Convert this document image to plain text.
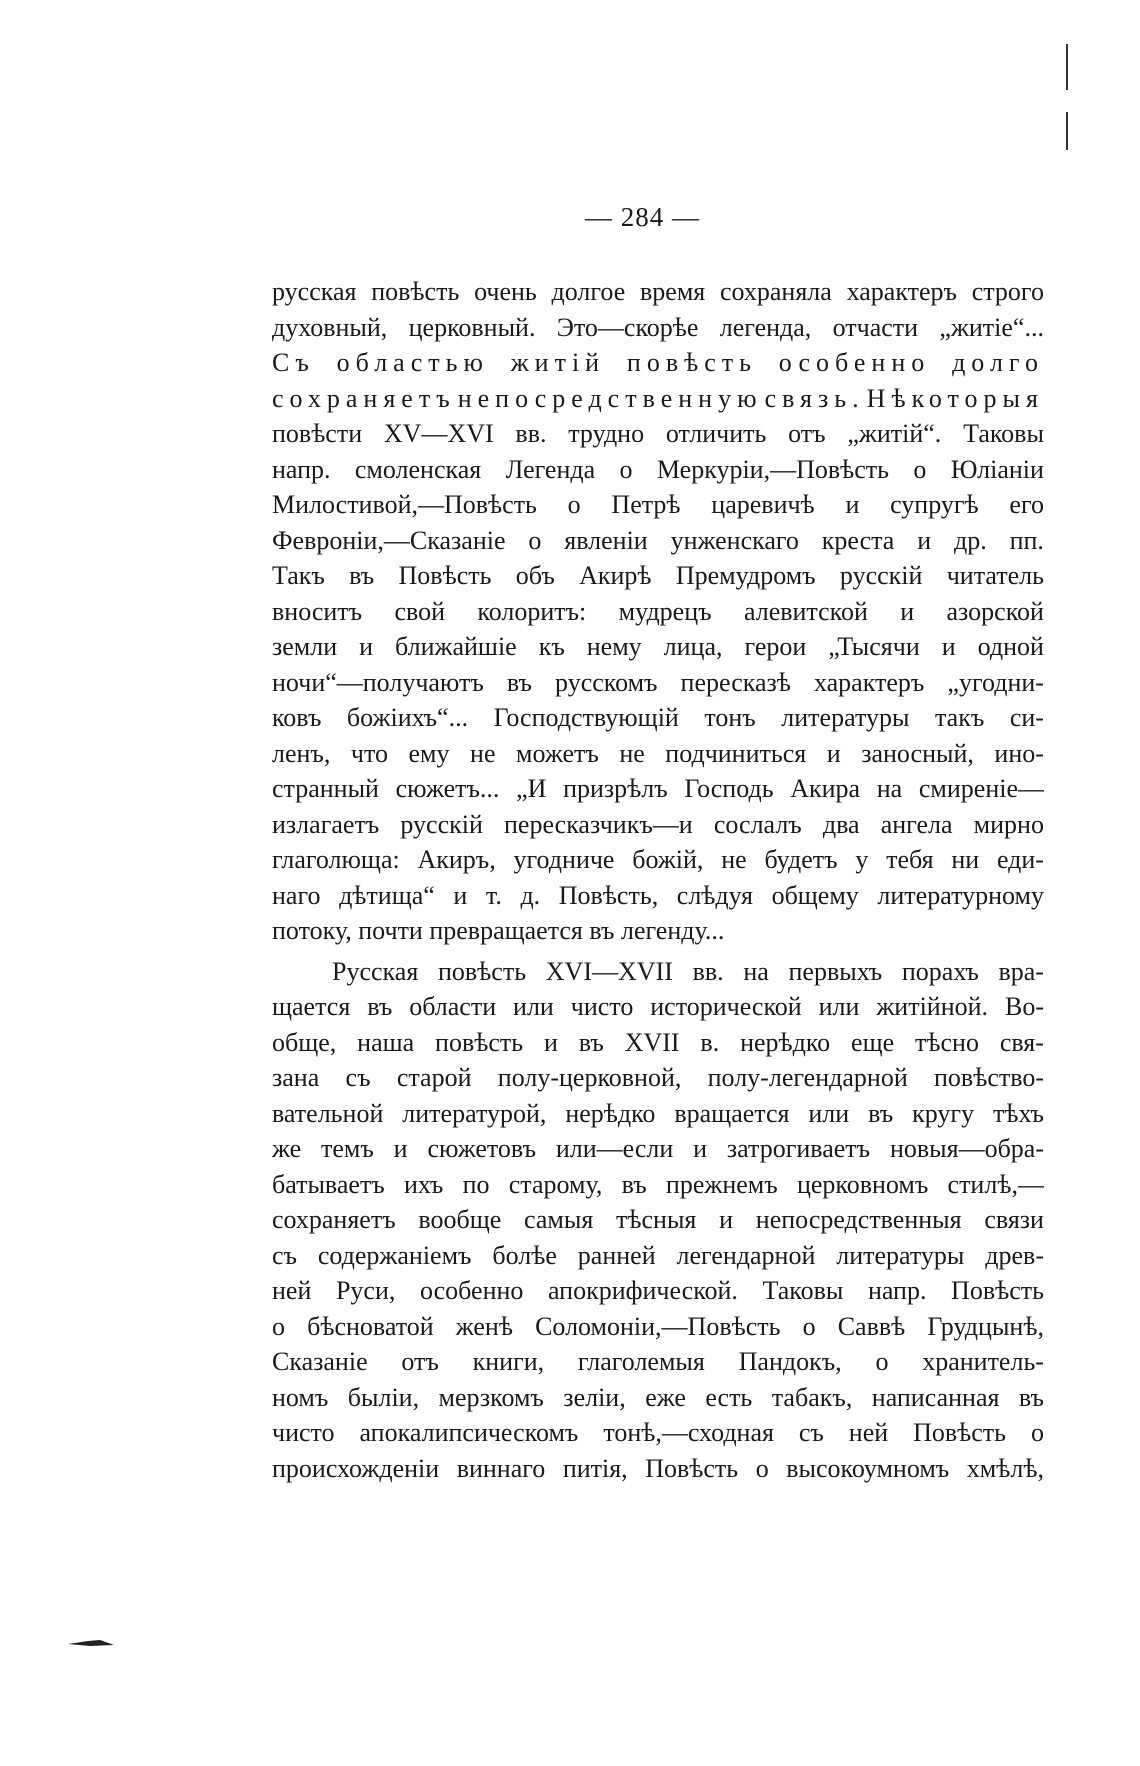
— 284 —
русская повѣсть очень долгое время сохраняла характеръ строго
духовный, церковный. Это—скорѣе легенда, отчасти „житіе“...
Съ областью житій повѣсть особенно долго
сохраняетъ непосредственную связь. Нѣкоторыя
повѣсти XV—XVI вв. трудно отличить отъ „житій“. Таковы
напр. смоленская Легенда о Меркуріи,—Повѣсть о Юліаніи
Милостивой,—Повѣсть о Петрѣ царевичѣ и супругѣ его
Февроніи,—Сказаніе о явленіи унженскаго креста и др. пп.
Такъ въ Повѣсть объ Акирѣ Премудромъ русскій читатель
вноситъ свой колоритъ: мудрецъ алевитской и азорской
земли и ближайшіе къ нему лица, герои „Тысячи и одной
ночи“—получаютъ въ русскомъ пересказѣ характеръ „угодни-
ковъ божіихъ“... Господствующій тонъ литературы такъ си-
ленъ, что ему не можетъ не подчиниться и заносный, ино-
странный сюжетъ... „И призрѣлъ Господь Акира на смиреніе—
излагаетъ русскій пересказчикъ—и сослалъ два ангела мирно
глаголюща: Акиръ, угодниче божій, не будетъ у тебя ни еди-
наго дѣтища“ и т. д. Повѣсть, слѣдуя общему литературному
потоку, почти превращается въ легенду...
Русская повѣсть XVI—XVII вв. на первыхъ порахъ вра-
щается въ области или чисто исторической или житійной. Во-
обще, наша повѣсть и въ XVII в. нерѣдко еще тѣсно свя-
зана съ старой полу-церковной, полу-легендарной повѣство-
вательной литературой, нерѣдко вращается или въ кругу тѣхъ
же темъ и сюжетовъ или—если и затрогиваетъ новыя—обра-
батываетъ ихъ по старому, въ прежнемъ церковномъ стилѣ,—
сохраняетъ вообще самыя тѣсныя и непосредственныя связи
съ содержаніемъ болѣе ранней легендарной литературы древ-
ней Руси, особенно апокрифической. Таковы напр. Повѣсть
о бѣсноватой женѣ Соломоніи,—Повѣсть о Саввѣ Грудцынѣ,
Сказаніе отъ книги, глаголемыя Пандокъ, о хранитель-
номъ былiи, мерзкомъ зеліи, еже есть табакъ, написанная въ
чисто апокалипсическомъ тонѣ,—сходная съ ней Повѣсть о
происхожденіи виннаго питія, Повѣсть о высокоумномъ хмѣлѣ,
